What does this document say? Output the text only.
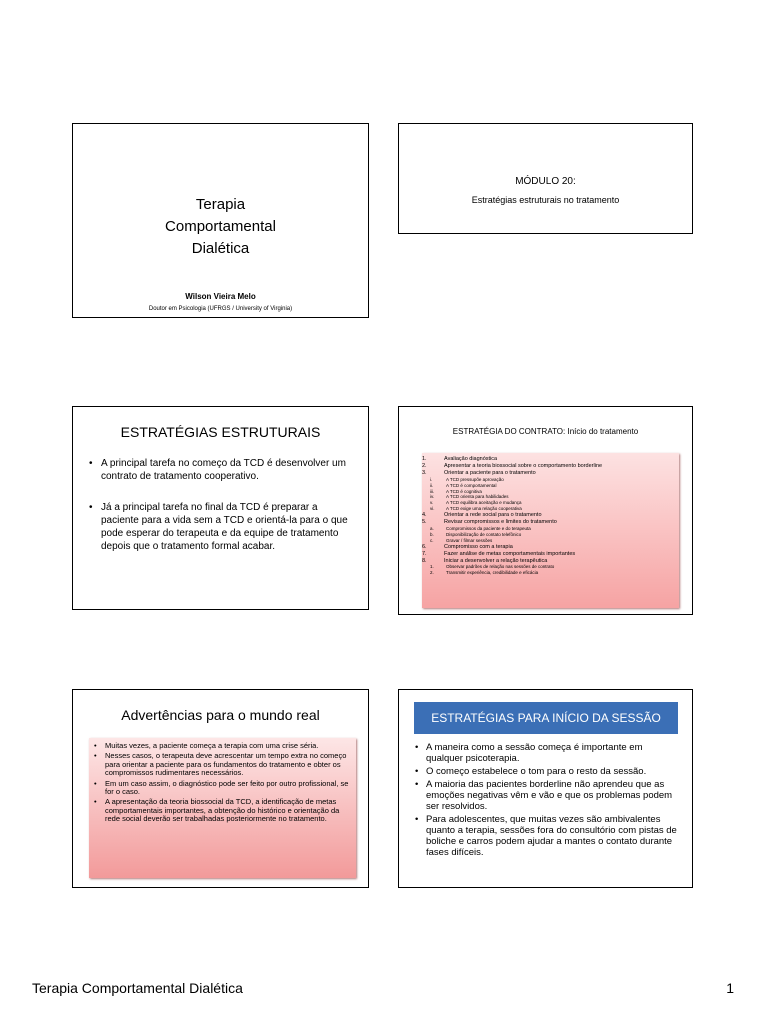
Terapia
Comportamental
Dialética
Wilson Vieira Melo
Doutor em Psicologia (UFRGS / University of Virginia)
MÓDULO 20:
Estratégias estruturais no tratamento
ESTRATÉGIAS ESTRUTURAIS
• A principal tarefa no começo da TCD é desenvolver um contrato de tratamento cooperativo.
• Já a principal tarefa no final da TCD é preparar a paciente para a vida sem a TCD e orientá-la para o que pode esperar do terapeuta e da equipe de tratamento depois que o tratamento formal acabar.
ESTRATÉGIA DO CONTRATO: Início do tratamento
1.	Avaliação diagnóstica
2.	Apresentar a teoria biossocial sobre o comportamento borderline
3.	Orientar a paciente para o tratamento
i.	A TCD pressupõe aprovação
ii.	A TCD é comportamental
iii.	A TCD é cognitiva
iv.	A TCD orienta para habilidades
v.	A TCD equilibra aceitação e mudança
vi.	A TCD exige uma relação cooperativa
4.	Orientar a rede social para o tratamento
5.	Revisar compromissos e limites do tratamento
a.	Compromissos da paciente e do terapeuta
b.	Disponibilização de contato telefônico
c.	Gravar / filmar sessões
6.	Compromisso com a terapia
7.	Fazer análise de metas comportamentais importantes
8.	Iniciar a desenvolver a relação terapêutica
1.	Observar padrões de relação nas sessões de contrato
2.	Transmitir experiência, credibilidade e eficácia
Advertências para o mundo real
• Muitas vezes, a paciente começa a terapia com uma crise séria.
• Nesses casos, o terapeuta deve acrescentar um tempo extra no começo para orientar a paciente para os fundamentos do tratamento e obter os compromissos rudimentares necessários.
• Em um caso assim, o diagnóstico pode ser feito por outro profissional, se for o caso.
• A apresentação da teoria biossocial da TCD, a identificação de metas comportamentais importantes, a obtenção do histórico e orientação da rede social deverão ser trabalhadas posteriormente no tratamento.
ESTRATÉGIAS PARA INÍCIO DA SESSÃO
• A maneira como a sessão começa é importante em qualquer psicoterapia.
• O começo estabelece o tom para o resto da sessão.
• A maioria das pacientes borderline não aprendeu que as emoções negativas vêm e vão e que os problemas podem ser resolvidos.
• Para adolescentes, que muitas vezes são ambivalentes quanto a terapia, sessões fora do consultório com pistas de boliche e carros podem ajudar a mantes o contato durante fases difíceis.
Terapia Comportamental Dialética	1
